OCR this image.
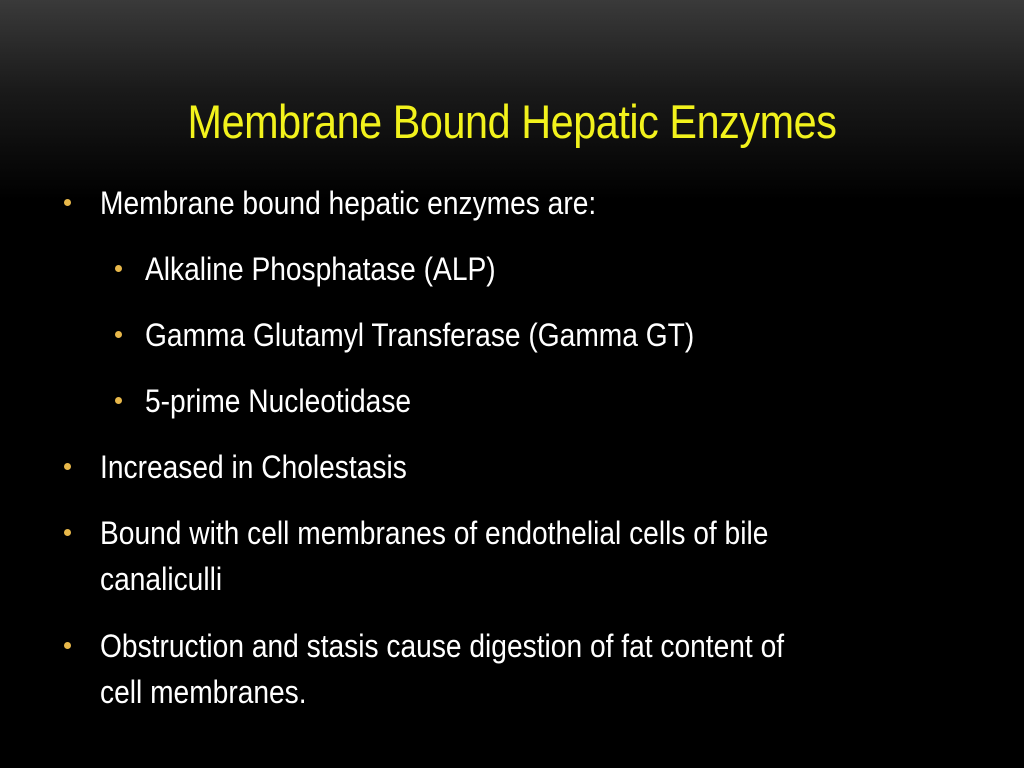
Membrane Bound Hepatic Enzymes
Membrane bound hepatic enzymes are:
Alkaline Phosphatase (ALP)
Gamma Glutamyl Transferase (Gamma GT)
5-prime Nucleotidase
Increased in Cholestasis
Bound with cell membranes of endothelial cells of bile
canaliculli
Obstruction and stasis cause digestion of fat content of
cell membranes.
